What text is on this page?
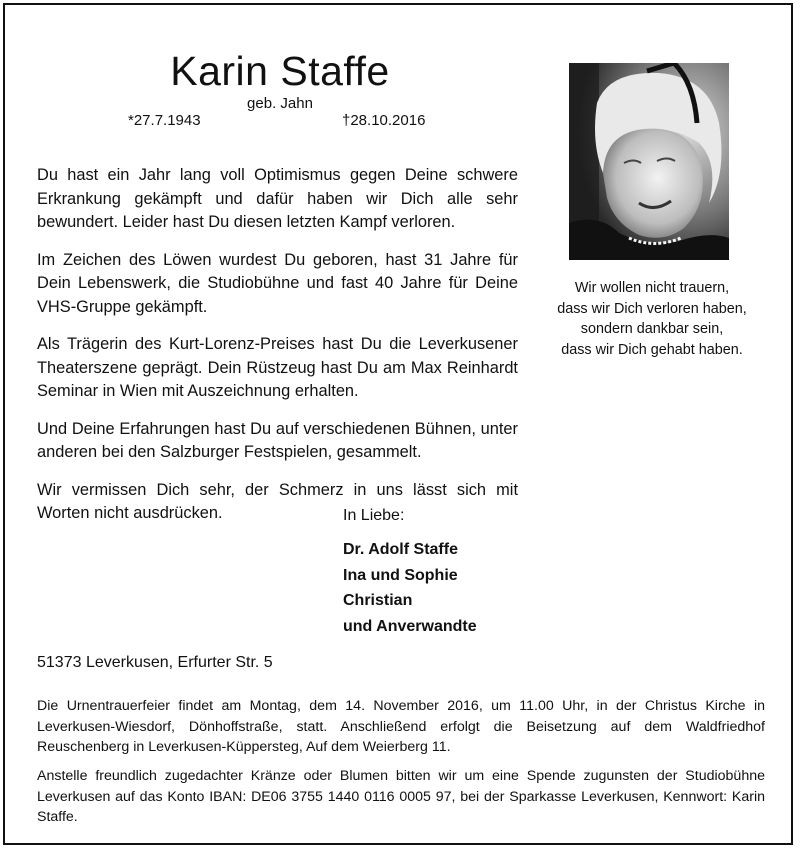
Karin Staffe
geb. Jahn
*27.7.1943	†28.10.2016

Du hast ein Jahr lang voll Optimismus gegen Deine schwere Erkrankung gekämpft und dafür haben wir Dich alle sehr bewundert. Leider hast Du diesen letzten Kampf verloren.

Im Zeichen des Löwen wurdest Du geboren, hast 31 Jahre für Dein Lebenswerk, die Studiobühne und fast 40 Jahre für Deine VHS-Gruppe gekämpft.

Als Trägerin des Kurt-Lorenz-Preises hast Du die Leverkusener Theaterszene geprägt. Dein Rüstzeug hast Du am Max Reinhardt Seminar in Wien mit Auszeichnung erhalten.

Und Deine Erfahrungen hast Du auf verschiedenen Bühnen, unter anderen bei den Salzburger Festspielen, gesammelt.

Wir vermissen Dich sehr, der Schmerz in uns lässt sich mit Worten nicht ausdrücken.

Wir wollen nicht trauern,
dass wir Dich verloren haben,
sondern dankbar sein,
dass wir Dich gehabt haben.
In Liebe:
Dr. Adolf Staffe
Ina und Sophie
Christian
und Anverwandte
51373 Leverkusen, Erfurter Str. 5
Die Urnentrauerfeier findet am Montag, dem 14. November 2016, um 11.00 Uhr, in der Christus Kirche in Leverkusen-Wiesdorf, Dönhoffstraße, statt. Anschließend erfolgt die Beisetzung auf dem Waldfriedhof Reuschenberg in Leverkusen-Küppersteg, Auf dem Weierberg 11.
Anstelle freundlich zugedachter Kränze oder Blumen bitten wir um eine Spende zugunsten der Studiobühne Leverkusen auf das Konto IBAN: DE06 3755 1440 0116 0005 97, bei der Sparkasse Leverkusen, Kennwort: Karin Staffe.
